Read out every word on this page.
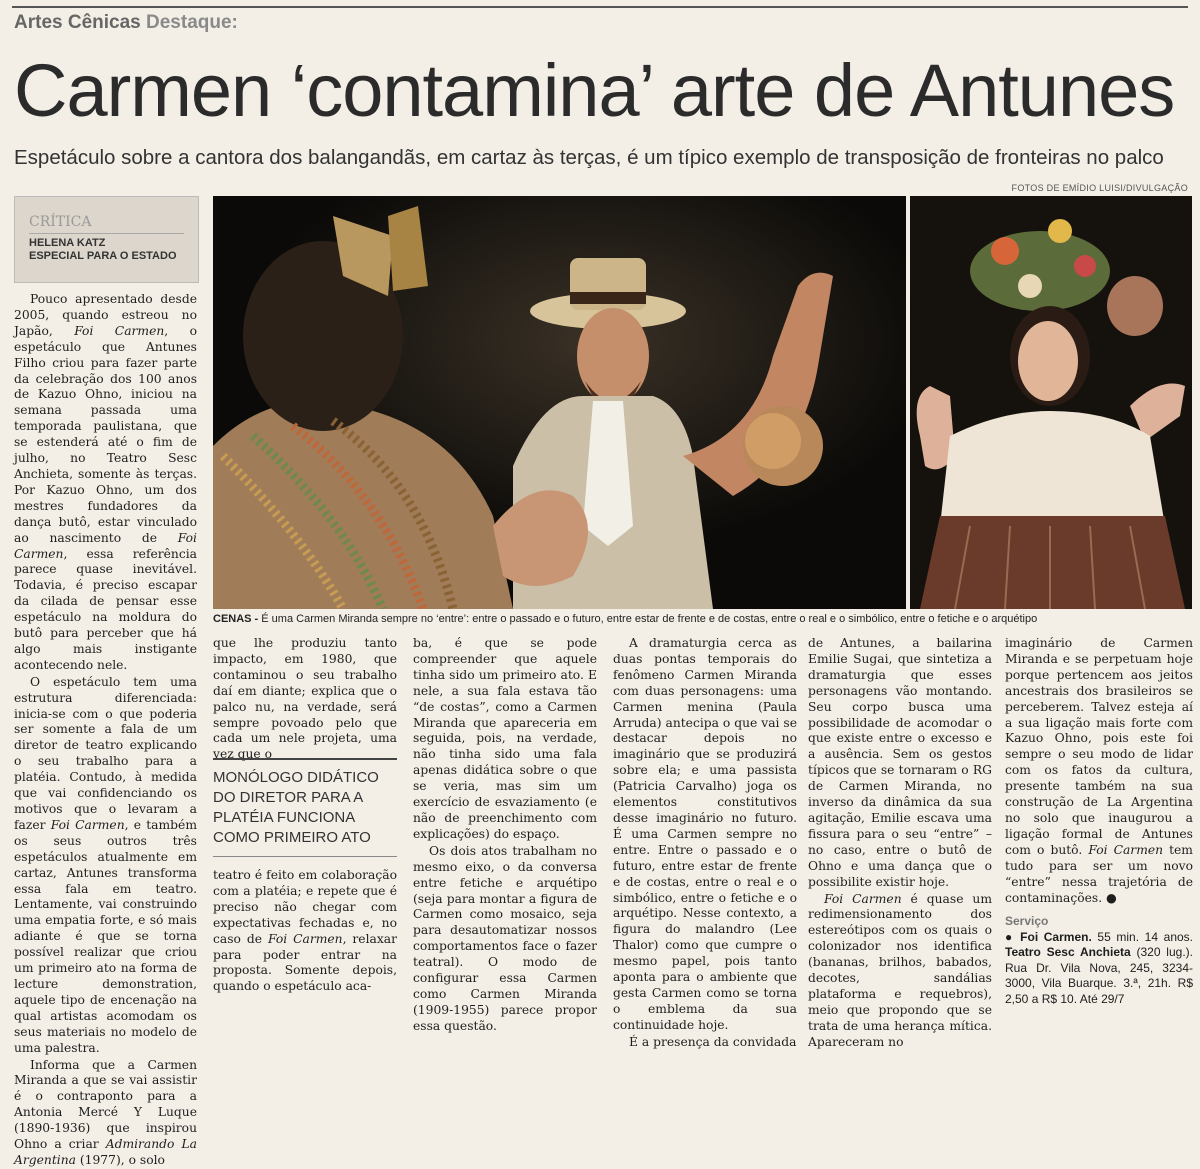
Artes Cênicas Destaque:
Carmen ‘contamina’ arte de Antunes
Espetáculo sobre a cantora dos balangandãs, em cartaz às terças, é um típico exemplo de transposição de fronteiras no palco
FOTOS DE EMÍDIO LUISI/DIVULGAÇÃO
crítica
HELENA KATZ
ESPECIAL PARA O ESTADO
CENAS - É uma Carmen Miranda sempre no ‘entre’: entre o passado e o futuro, entre estar de frente e de costas, entre o real e o simbólico, entre o fetiche e o arquétipo

Pouco apresentado desde 2005, quando estreou no Japão, Foi Carmen, o espetáculo que Antunes Filho criou para fazer parte da celebração dos 100 anos de Kazuo Ohno, iniciou na semana passada uma temporada paulistana, que se estenderá até o fim de julho, no Teatro Sesc Anchieta, somente às terças. Por Kazuo Ohno, um dos mestres fundadores da dança butô, estar vinculado ao nascimento de Foi Carmen, essa referência parece quase inevitável. Todavia, é preciso escapar da cilada de pensar esse espetáculo na moldura do butô para perceber que há algo mais instigante acontecendo nele.

O espetáculo tem uma estrutura diferenciada: inicia-se com o que poderia ser somente a fala de um diretor de teatro explicando o seu trabalho para a platéia. Contudo, à medida que vai confidenciando os motivos que o levaram a fazer Foi Carmen, e também os seus outros três espetáculos atualmente em cartaz, Antunes transforma essa fala em teatro. Lentamente, vai construindo uma empatia forte, e só mais adiante é que se torna possível realizar que criou um primeiro ato na forma de lecture demonstration, aquele tipo de encenação na qual artistas acomodam os seus materiais no modelo de uma palestra.

Informa que a Carmen Miranda a que se vai assistir é o contraponto para a Antonia Mercé Y Luque (1890-1936) que inspirou Ohno a criar Admirando La Argentina (1977), o solo

que lhe produziu tanto impacto, em 1980, que contaminou o seu trabalho daí em diante; explica que o palco nu, na verdade, será sempre povoado pelo que cada um nele projeta, uma vez que o

MONÓLOGO DIDÁTICO DO DIRETOR PARA A PLATÉIA FUNCIONA COMO PRIMEIRO ATO

teatro é feito em colaboração com a platéia; e repete que é preciso não chegar com expectativas fechadas e, no caso de Foi Carmen, relaxar para poder entrar na proposta. Somente depois, quando o espetáculo aca-

ba, é que se pode compreender que aquele tinha sido um primeiro ato. E nele, a sua fala estava tão “de costas”, como a Carmen Miranda que apareceria em seguida, pois, na verdade, não tinha sido uma fala apenas didática sobre o que se veria, mas sim um exercício de esvaziamento (e não de preenchimento com explicações) do espaço.

Os dois atos trabalham no mesmo eixo, o da conversa entre fetiche e arquétipo (seja para montar a figura de Carmen como mosaico, seja para desautomatizar nossos comportamentos face o fazer teatral). O modo de configurar essa Carmen como Carmen Miranda (1909-1955) parece propor essa questão.

A dramaturgia cerca as duas pontas temporais do fenômeno Carmen Miranda com duas personagens: uma Carmen menina (Paula Arruda) antecipa o que vai se destacar depois no imaginário que se produzirá sobre ela; e uma passista (Patricia Carvalho) joga os elementos constitutivos desse imaginário no futuro. É uma Carmen sempre no entre. Entre o passado e o futuro, entre estar de frente e de costas, entre o real e o simbólico, entre o fetiche e o arquétipo. Nesse contexto, a figura do malandro (Lee Thalor) como que cumpre o mesmo papel, pois tanto aponta para o ambiente que gesta Carmen como se torna o emblema da sua continuidade hoje.

É a presença da convidada

de Antunes, a bailarina Emilie Sugai, que sintetiza a dramaturgia que esses personagens vão montando. Seu corpo busca uma possibilidade de acomodar o que existe entre o excesso e a ausência. Sem os gestos típicos que se tornaram o RG de Carmen Miranda, no inverso da dinâmica da sua agitação, Emilie escava uma fissura para o seu “entre” – no caso, entre o butô de Ohno e uma dança que o possibilite existir hoje.

Foi Carmen é quase um redimensionamento dos estereótipos com os quais o colonizador nos identifica (bananas, brilhos, babados, decotes, sandálias plataforma e requebros), meio que propondo que se trata de uma herança mítica. Apareceram no

imaginário de Carmen Miranda e se perpetuam hoje porque pertencem aos jeitos ancestrais dos brasileiros se perceberem. Talvez esteja aí a sua ligação mais forte com Kazuo Ohno, pois este foi sempre o seu modo de lidar com os fatos da cultura, presente também na sua construção de La Argentina no solo que inaugurou a ligação formal de Antunes com o butô. Foi Carmen tem tudo para ser um novo “entre” nessa trajetória de contaminações. ●

Serviço
● Foi Carmen. 55 min. 14 anos. Teatro Sesc Anchieta (320 lug.). Rua Dr. Vila Nova, 245, 3234-3000, Vila Buarque. 3.ª, 21h. R$ 2,50 a R$ 10. Até 29/7
